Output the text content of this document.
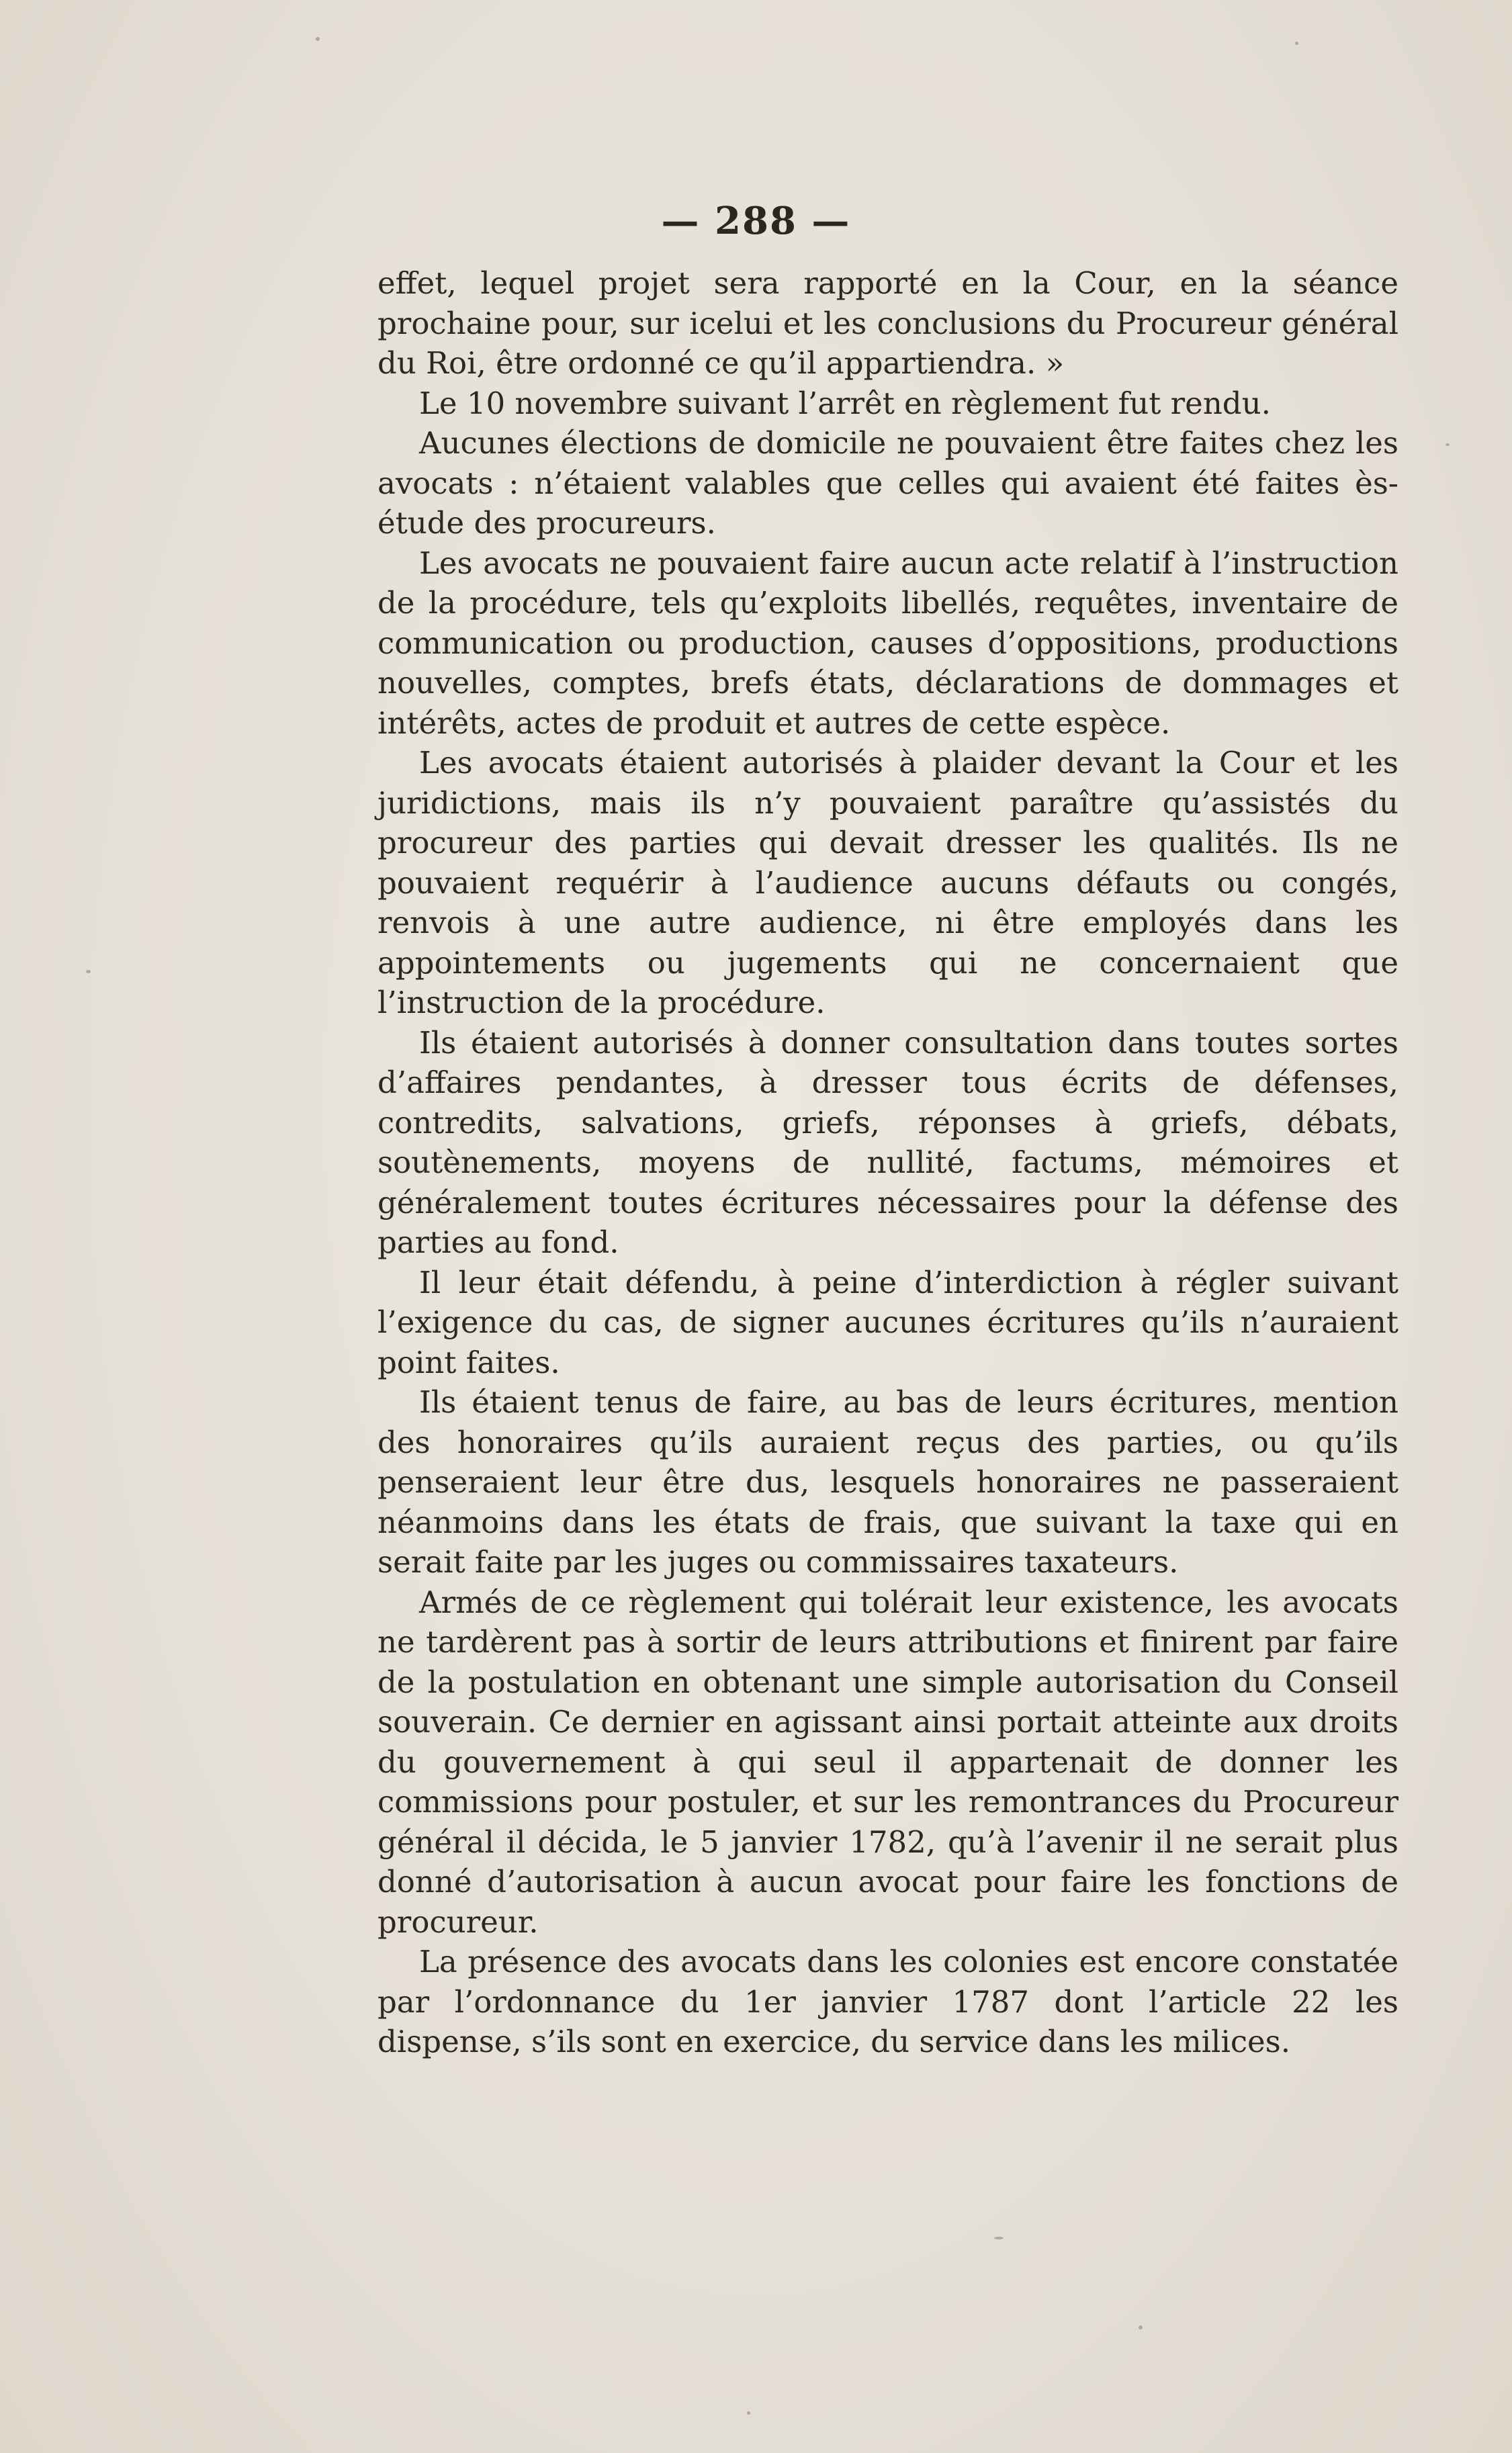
— 288 —

effet, lequel projet sera rapporté en la Cour, en la séance prochaine pour, sur icelui et les conclusions du Procureur général du Roi, être ordonné ce qu’il appartiendra. »

Le 10 novembre suivant l’arrêt en règlement fut rendu.

Aucunes élections de domicile ne pouvaient être faites chez les avocats : n’étaient valables que celles qui avaient été faites ès-étude des procureurs.

Les avocats ne pouvaient faire aucun acte relatif à l’instruction de la procédure, tels qu’exploits libellés, requêtes, inventaire de communication ou production, causes d’oppositions, productions nouvelles, comptes, brefs états, déclarations de dommages et intérêts, actes de produit et autres de cette espèce.

Les avocats étaient autorisés à plaider devant la Cour et les juridictions, mais ils n’y pouvaient paraître qu’assistés du procureur des parties qui devait dresser les qualités. Ils ne pouvaient requérir à l’audience aucuns défauts ou congés, renvois à une autre audience, ni être employés dans les appointements ou jugements qui ne concernaient que l’instruction de la procédure.

Ils étaient autorisés à donner consultation dans toutes sortes d’affaires pendantes, à dresser tous écrits de défenses, contredits, salvations, griefs, réponses à griefs, débats, soutènements, moyens de nullité, factums, mémoires et généralement toutes écritures nécessaires pour la défense des parties au fond.

Il leur était défendu, à peine d’interdiction à régler suivant l’exigence du cas, de signer aucunes écritures qu’ils n’auraient point faites.

Ils étaient tenus de faire, au bas de leurs écritures, mention des honoraires qu’ils auraient reçus des parties, ou qu’ils penseraient leur être dus, lesquels honoraires ne passeraient néanmoins dans les états de frais, que suivant la taxe qui en serait faite par les juges ou commissaires taxateurs.

Armés de ce règlement qui tolérait leur existence, les avocats ne tardèrent pas à sortir de leurs attributions et finirent par faire de la postulation en obtenant une simple autorisation du Conseil souverain. Ce dernier en agissant ainsi portait atteinte aux droits du gouvernement à qui seul il appartenait de donner les commissions pour postuler, et sur les remontrances du Procureur général il décida, le 5 janvier 1782, qu’à l’avenir il ne serait plus donné d’autorisation à aucun avocat pour faire les fonctions de procureur.

La présence des avocats dans les colonies est encore constatée par l’ordonnance du 1er janvier 1787 dont l’article 22 les dispense, s’ils sont en exercice, du service dans les milices.
